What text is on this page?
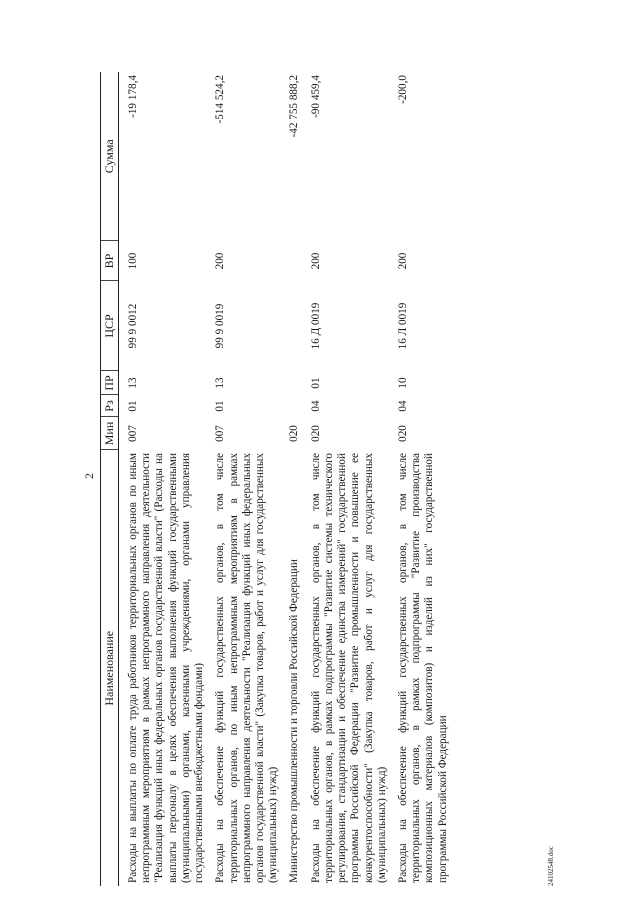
2
Наименование	Мин	Рз	ПР	ЦСР	ВР	Сумма
Расходы на выплаты по оплате труда работников территориальных органов по иным непрограммным мероприятиям в рамках непрограммного направления деятельности "Реализация функций иных федеральных органов государственной власти" (Расходы на выплаты персоналу в целях обеспечения выполнения функций государственными (муниципальными) органами, казенными учреждениями, органами управления государственными внебюджетными фондами)	007	01	13	99 9 0012	100	-19 178,4
Расходы на обеспечение функций государственных органов, в том числе территориальных органов, по иным непрограммным мероприятиям в рамках непрограммного направления деятельности "Реализация функций иных федеральных органов государственной власти" (Закупка товаров, работ и услуг для государственных (муниципальных) нужд)	007	01	13	99 9 0019	200	-514 524,2
Министерство промышленности и торговли Российской Федерации	020					-42 755 888,2
Расходы на обеспечение функций государственных органов, в том числе территориальных органов, в рамках подпрограммы "Развитие системы технического регулирования, стандартизации и обеспечение единства измерений" государственной программы Российской Федерации "Развитие промышленности и повышение ее конкурентоспособности" (Закупка товаров, работ и услуг для государственных (муниципальных) нужд)	020	04	01	16 Д 0019	200	-90 459,4
Расходы на обеспечение функций государственных органов, в том числе территориальных органов, в рамках подпрограммы "Развитие производства композиционных материалов (композитов) и изделий из них" государственной программы Российской Федерации	020	04	10	16 Л 0019	200	-200,0
24102548.doc
